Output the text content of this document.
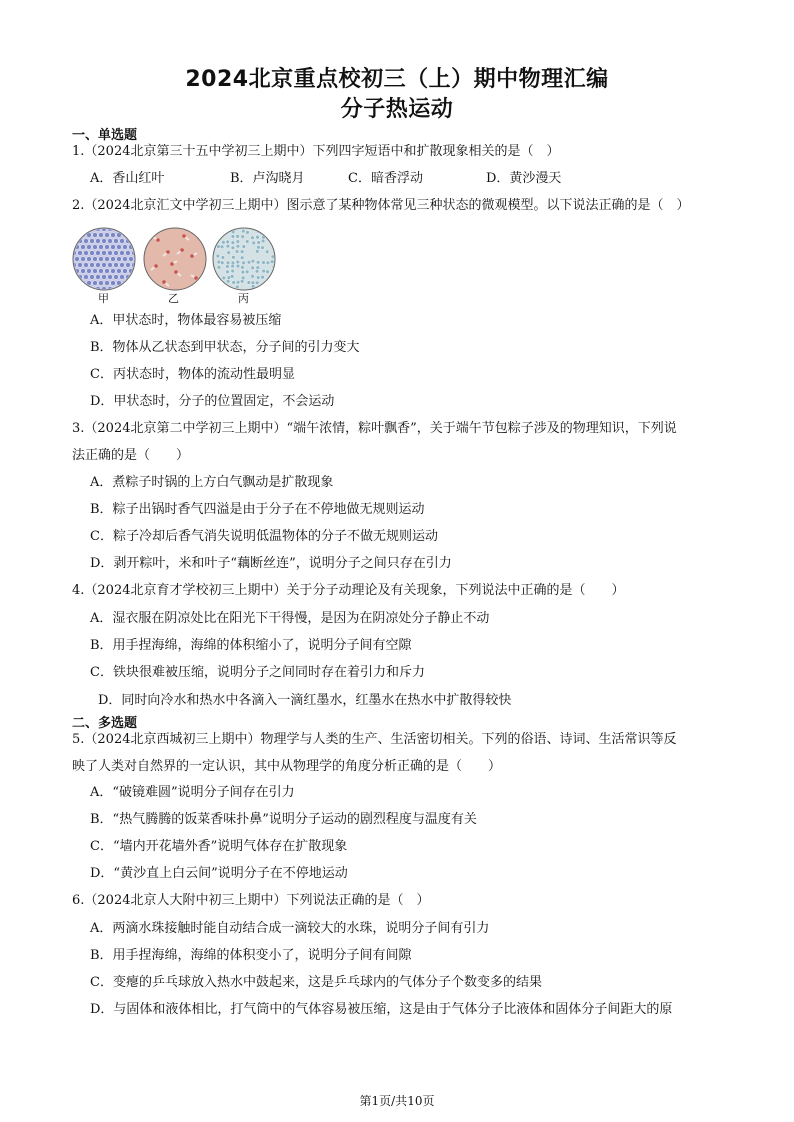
2024北京重点校初三（上）期中物理汇编
分子热运动
一、单选题
1.（2024北京第三十五中学初三上期中）下列四字短语中和扩散现象相关的是（　）
A．香山红叶	B．卢沟晓月	C．暗香浮动	D．黄沙漫天
2.（2024北京汇文中学初三上期中）图示意了某种物体常见三种状态的微观模型。以下说法正确的是（　）
甲	乙	丙
A．甲状态时，物体最容易被压缩
B．物体从乙状态到甲状态，分子间的引力变大
C．丙状态时，物体的流动性最明显
D．甲状态时，分子的位置固定，不会运动
3.（2024北京第二中学初三上期中）“端午浓情，粽叶飘香”，关于端午节包粽子涉及的物理知识，下列说
法正确的是（　　）
A．煮粽子时锅的上方白气飘动是扩散现象
B．粽子出锅时香气四溢是由于分子在不停地做无规则运动
C．粽子冷却后香气消失说明低温物体的分子不做无规则运动
D．剥开粽叶，米和叶子“藕断丝连”，说明分子之间只存在引力
4.（2024北京育才学校初三上期中）关于分子动理论及有关现象，下列说法中正确的是（　　）
A．湿衣服在阴凉处比在阳光下干得慢，是因为在阴凉处分子静止不动
B．用手捏海绵，海绵的体积缩小了，说明分子间有空隙
C．铁块很难被压缩，说明分子之间同时存在着引力和斥力
D．同时向冷水和热水中各滴入一滴红墨水，红墨水在热水中扩散得较快
二、多选题
5.（2024北京西城初三上期中）物理学与人类的生产、生活密切相关。下列的俗语、诗词、生活常识等反
映了人类对自然界的一定认识，其中从物理学的角度分析正确的是（　　）
A．“破镜难圆”说明分子间存在引力
B．“热气腾腾的饭菜香味扑鼻”说明分子运动的剧烈程度与温度有关
C．“墙内开花墙外香”说明气体存在扩散现象
D．“黄沙直上白云间”说明分子在不停地运动
6.（2024北京人大附中初三上期中）下列说法正确的是（　）
A．两滴水珠接触时能自动结合成一滴较大的水珠，说明分子间有引力
B．用手捏海绵，海绵的体积变小了，说明分子间有间隙
C．变瘪的乒乓球放入热水中鼓起来，这是乒乓球内的气体分子个数变多的结果
D．与固体和液体相比，打气筒中的气体容易被压缩，这是由于气体分子比液体和固体分子间距大的原
第1页/共10页
